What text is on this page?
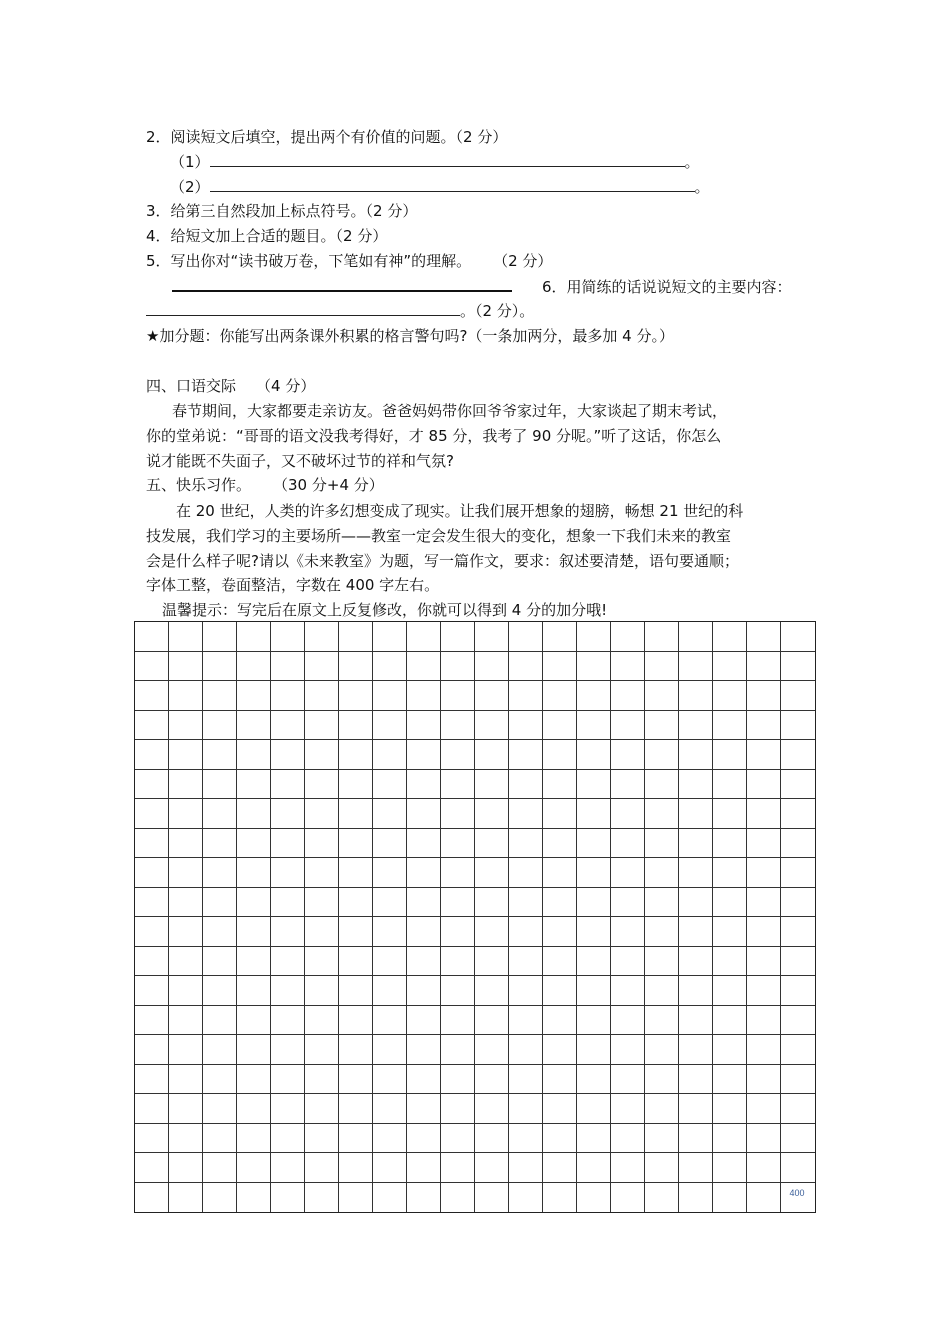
2．阅读短文后填空，提出两个有价值的问题。（2 分）
（1）	。
（2）	。
3．给第三自然段加上标点符号。（2 分）
4．给短文加上合适的题目。（2 分）
5．写出你对“读书破万卷，下笔如有神”的理解。 （2 分）
6．用简练的话说说短文的主要内容：
。（2 分）。
★加分题：你能写出两条课外积累的格言警句吗?（一条加两分，最多加 4 分。）
四、口语交际 （4 分）
春节期间，大家都要走亲访友。爸爸妈妈带你回爷爷家过年，大家谈起了期末考试，
你的堂弟说：“哥哥的语文没我考得好，才 85 分，我考了 90 分呢。”听了这话，你怎么
说才能既不失面子，又不破坏过节的祥和气氛?
五、快乐习作。 （30 分+4 分）
在 20 世纪，人类的许多幻想变成了现实。让我们展开想象的翅膀，畅想 21 世纪的科
技发展，我们学习的主要场所——教室一定会发生很大的变化，想象一下我们未来的教室
会是什么样子呢?请以《未来教室》为题，写一篇作文，要求：叙述要清楚，语句要通顺；
字体工整，卷面整洁，字数在 400 字左右。
温馨提示：写完后在原文上反复修改，你就可以得到 4 分的加分哦!
400
